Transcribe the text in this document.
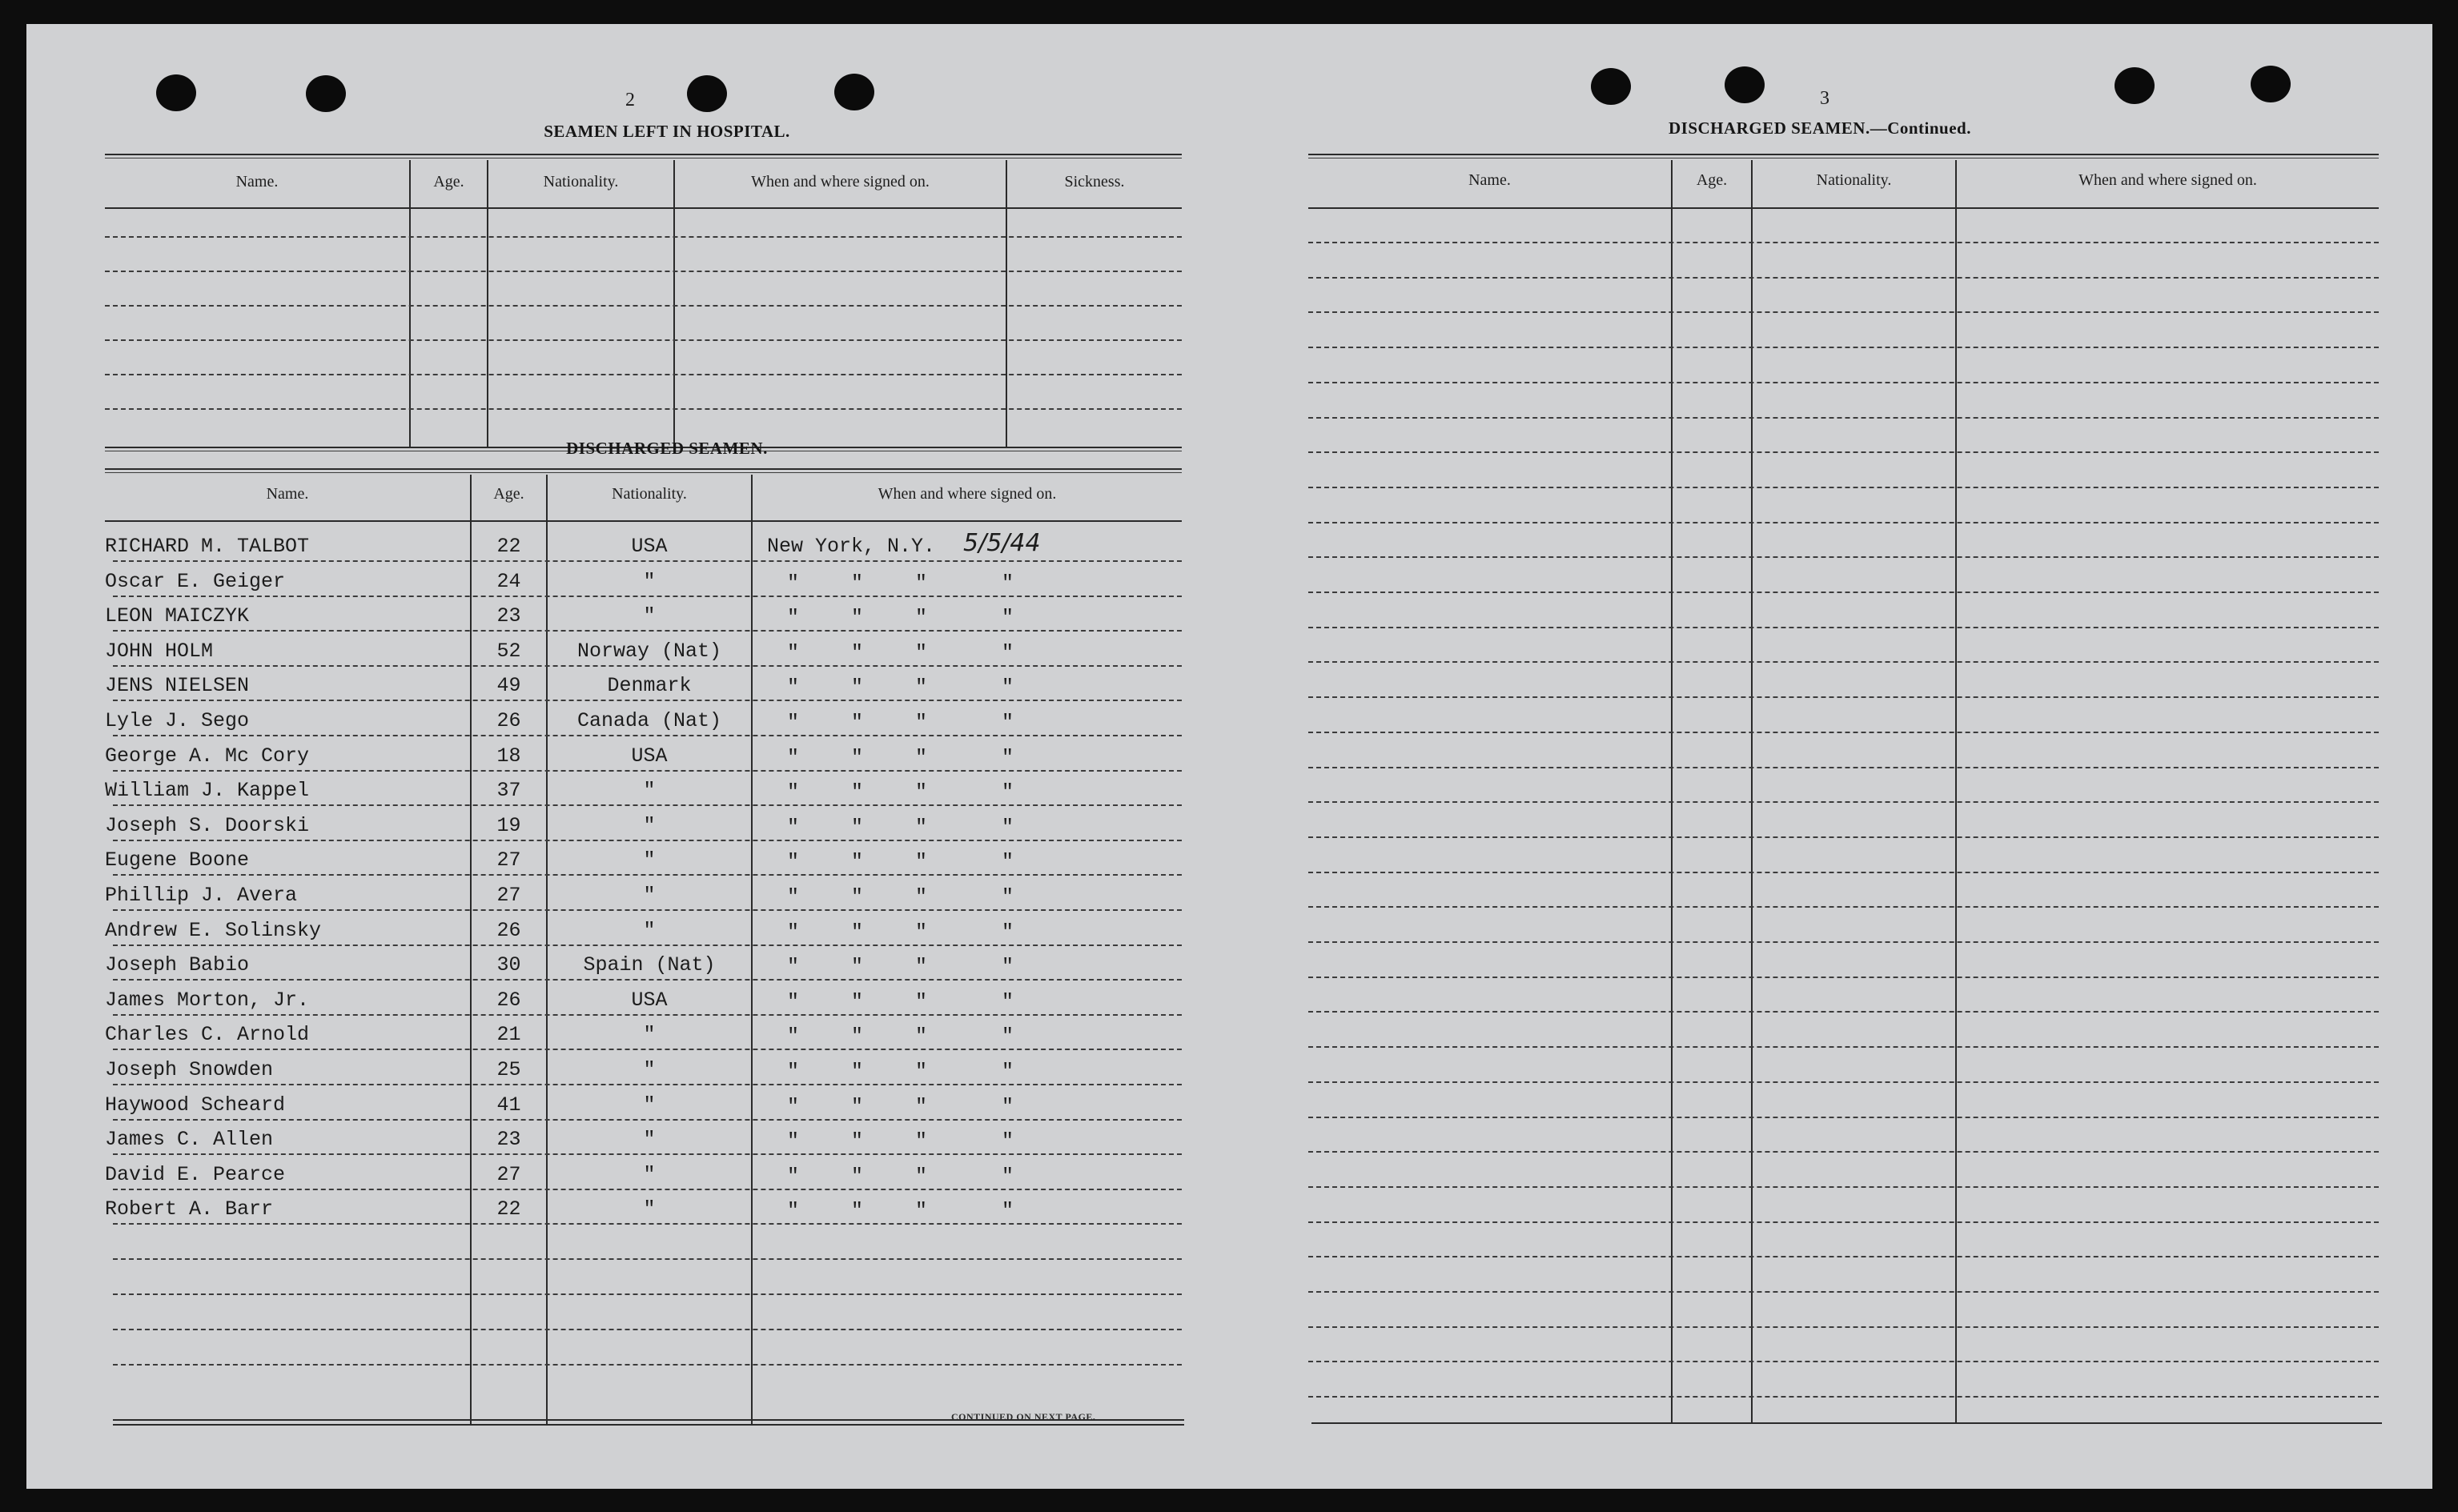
2
SEAMEN LEFT IN HOSPITAL.
Name.	Age.	Nationality.	When and where signed on.	Sickness.
DISCHARGED SEAMEN.
Name.	Age.	Nationality.	When and where signed on.
RICHARD M. TALBOT	22	USA	New York, N.Y. 5/5/44
Oscar E. Geiger	24	"	"	"	"	"
LEON MAICZYK	23	"	"	"	"	"
JOHN HOLM	52	Norway (Nat)	"	"	"	"
JENS NIELSEN	49	Denmark	"	"	"	"
Lyle J. Sego	26	Canada (Nat)	"	"	"	"
George A. Mc Cory	18	USA	"	"	"	"
William J. Kappel	37	"	"	"	"	"
Joseph S. Doorski	19	"	"	"	"	"
Eugene Boone	27	"	"	"	"	"
Phillip J. Avera	27	"	"	"	"	"
Andrew E. Solinsky	26	"	"	"	"	"
Joseph Babio	30	Spain (Nat)	"	"	"	"
James Morton, Jr.	26	USA	"	"	"	"
Charles C. Arnold	21	"	"	"	"	"
Joseph Snowden	25	"	"	"	"	"
Haywood Scheard	41	"	"	"	"	"
James C. Allen	23	"	"	"	"	"
David E. Pearce	27	"	"	"	"	"
Robert A. Barr	22	"	"	"	"	"
CONTINUED ON NEXT PAGE.
3
DISCHARGED SEAMEN.—Continued.
Name.	Age.	Nationality.	When and where signed on.
